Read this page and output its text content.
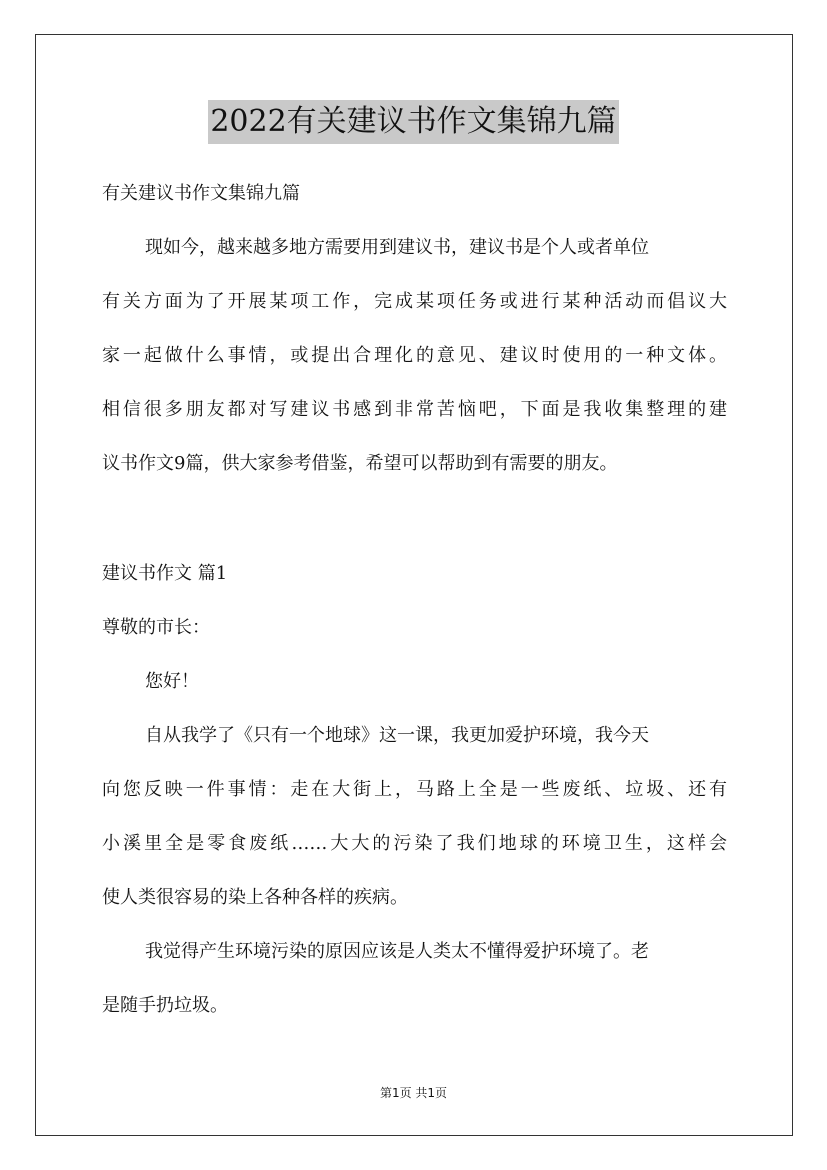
2022有关建议书作文集锦九篇
有关建议书作文集锦九篇
现如今，越来越多地方需要用到建议书，建议书是个人或者单位
有关方面为了开展某项工作，完成某项任务或进行某种活动而倡议大
家一起做什么事情，或提出合理化的意见、建议时使用的一种文体。
相信很多朋友都对写建议书感到非常苦恼吧，下面是我收集整理的建
议书作文9篇，供大家参考借鉴，希望可以帮助到有需要的朋友。
建议书作文 篇1
尊敬的市长：
您好！
自从我学了《只有一个地球》这一课，我更加爱护环境，我今天
向您反映一件事情：走在大街上，马路上全是一些废纸、垃圾、还有
小溪里全是零食废纸……大大的污染了我们地球的环境卫生，这样会
使人类很容易的染上各种各样的疾病。
我觉得产生环境污染的原因应该是人类太不懂得爱护环境了。老
是随手扔垃圾。
第1页 共1页
